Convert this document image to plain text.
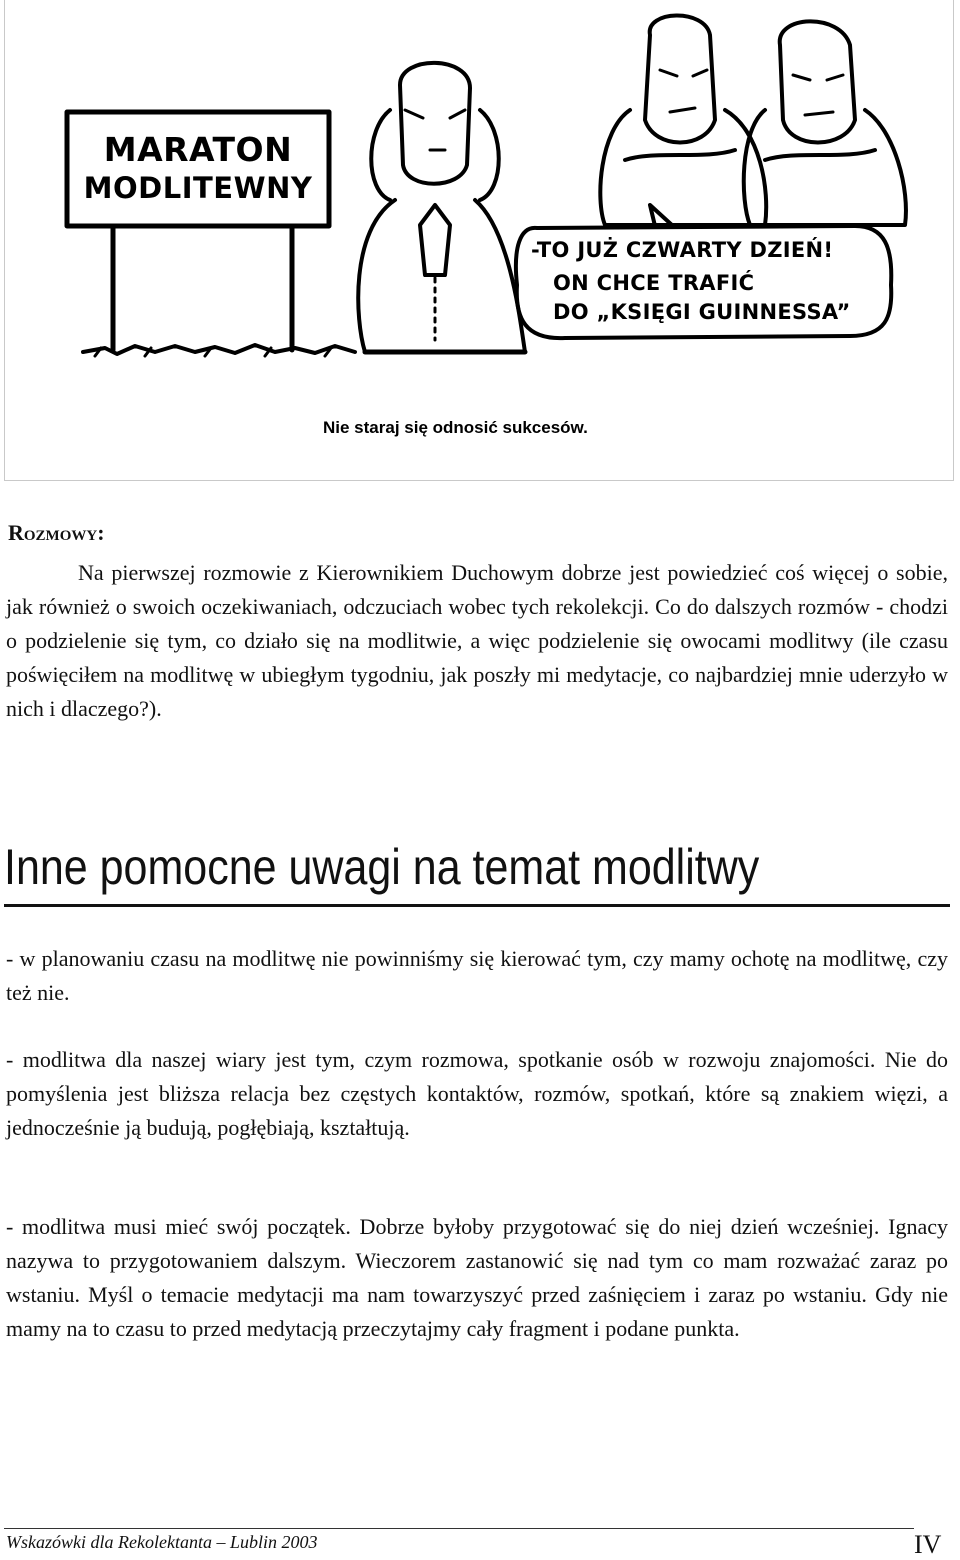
MARATON
MODLITEWNY
-TO JUŻ CZWARTY DZIEŃ!
ON CHCE TRAFIĆ
DO „KSIĘGI GUINNESSA”
Nie staraj się odnosić sukcesów.
Rozmowy:

Na pierwszej rozmowie z Kierownikiem Duchowym dobrze jest powiedzieć coś więcej o sobie, jak również o swoich oczekiwaniach, odczuciach wobec tych rekolekcji. Co do dalszych rozmów - chodzi o podzielenie się tym, co działo się na modlitwie, a więc podzielenie się owocami modlitwy (ile czasu poświęciłem na modlitwę w ubiegłym tygodniu, jak poszły mi medytacje, co najbardziej mnie uderzyło w nich i dlaczego?).

Inne pomocne uwagi na temat modlitwy

- w planowaniu czasu na modlitwę nie powinniśmy się kierować tym, czy mamy ochotę na modlitwę, czy też nie.

- modlitwa dla naszej wiary jest tym, czym rozmowa, spotkanie osób w rozwoju znajomości. Nie do pomyślenia jest bliższa relacja bez częstych kontaktów, rozmów, spotkań, które są znakiem więzi, a jednocześnie ją budują, pogłębiają, kształtują.

- modlitwa musi mieć swój początek. Dobrze byłoby przygotować się do niej dzień wcześniej. Ignacy nazywa to przygotowaniem dalszym. Wieczorem zastanowić się nad tym co mam rozważać zaraz po wstaniu. Myśl o temacie medytacji ma nam towarzyszyć przed zaśnięciem i zaraz po wstaniu. Gdy nie mamy na to czasu to przed medytacją przeczytajmy cały fragment i podane punkta.

Wskazówki dla Rekolektanta – Lublin 2003	IV
